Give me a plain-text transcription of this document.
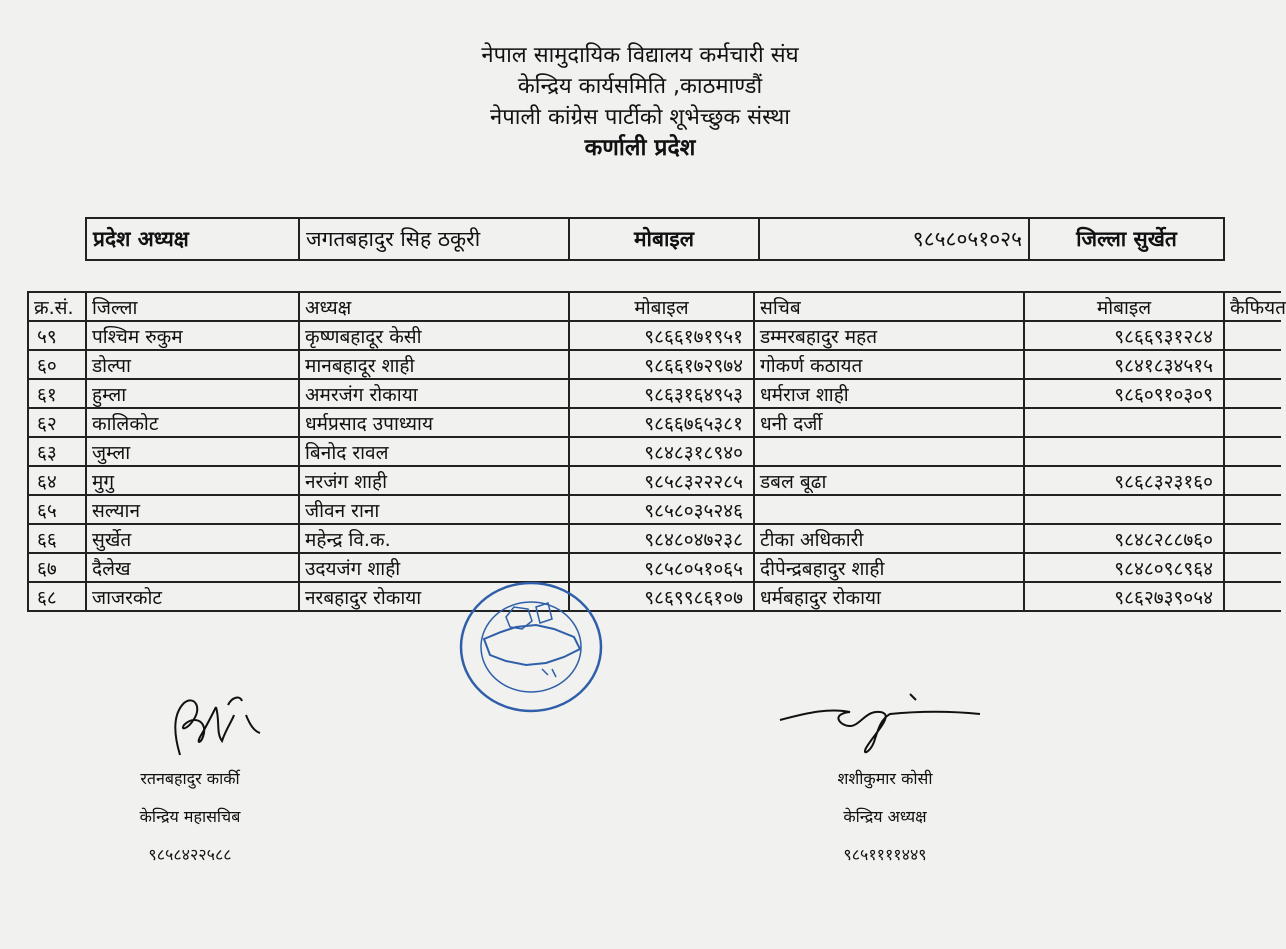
नेपाल सामुदायिक विद्यालय कर्मचारी संघ
केन्द्रिय कार्यसमिति ,काठमाण्डौं
नेपाली कांग्रेस पार्टीको शूभेच्छुक संस्था
कर्णाली प्रदेश
प्रदेश अध्यक्ष	जगतबहादुर सिह ठकूरी	मोबाइल	९८५८०५१०२५	जिल्ला सुर्खेत
क्र.सं.	जिल्ला	अध्यक्ष	मोबाइल	सचिब	मोबाइल	कैफियत
५९	पश्चिम रुकुम	कृष्णबहादूर केसी	९८६६१७१९५१	डम्मरबहादुर महत	९८६६९३१२८४	
६०	डोल्पा	मानबहादूर शाही	९८६६१७२९७४	गोकर्ण कठायत	९८४१८३४५१५	
६१	हुम्ला	अमरजंग रोकाया	९८६३१६४९५३	धर्मराज शाही	९८६०९१०३०९	
६२	कालिकोट	धर्मप्रसाद उपाध्याय	९८६६७६५३८१	धनी दर्जी		
६३	जुम्ला	बिनोद रावल	९८४८३१८९४०			
६४	मुगु	नरजंग शाही	९८५८३२२२८५	डबल बूढा	९८६८३२३१६०	
६५	सल्यान	जीवन राना	९८५८०३५२४६			
६६	सुर्खेत	महेन्द्र वि.क.	९८४८०४७२३८	टीका अधिकारी	९८४८२८८७६०	
६७	दैलेख	उदयजंग शाही	९८५८०५१०६५	दीपेन्द्रबहादुर शाही	९८४८०९८९६४	
६८	जाजरकोट	नरबहादुर रोकाया	९८६९९८६१०७	धर्मबहादुर रोकाया	९८६२७३९०५४	
रतनबहादुर कार्की
केन्द्रिय महासचिब
९८५८४२२५८८
शशीकुमार कोसी
केन्द्रिय अध्यक्ष
९८५११११४४९
